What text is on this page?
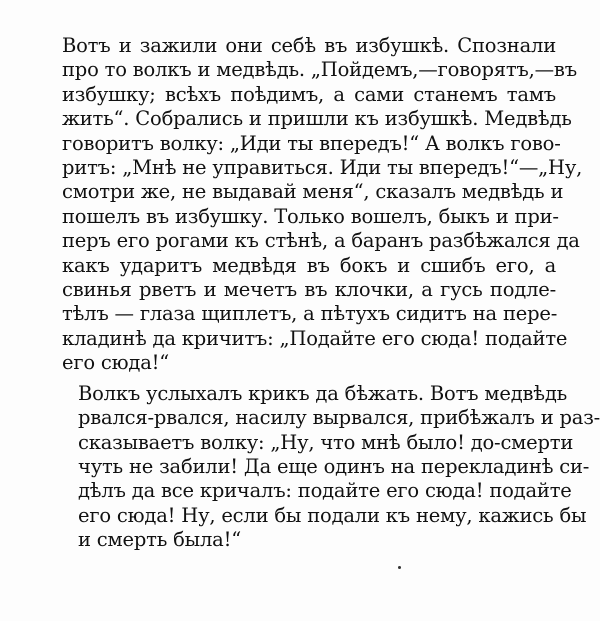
Вотъ и зажили они себѣ въ избушкѣ. Спознали
про то волкъ и медвѣдь. „Пойдемъ,—говорятъ,—въ
избушку; всѣхъ поѣдимъ, а сами станемъ тамъ
жить“. Собрались и пришли къ избушкѣ. Медвѣдь
говоритъ волку: „Иди ты впередъ!“ А волкъ гово-
ритъ: „Мнѣ не управиться. Иди ты впередъ!“—„Ну,
смотри же, не выдавай меня“, сказалъ медвѣдь и
пошелъ въ избушку. Только вошелъ, быкъ и при-
перъ его рогами къ стѣнѣ, а баранъ разбѣжался да
какъ ударитъ медвѣдя въ бокъ и сшибъ его, а
свинья рветъ и мечетъ въ клочки, а гусь подле-
тѣлъ — глаза щиплетъ, а пѣтухъ сидитъ на пере-
кладинѣ да кричитъ: „Подайте его сюда! подайте
его сюда!“

Волкъ услыхалъ крикъ да бѣжать. Вотъ медвѣдь
рвался-рвался, насилу вырвался, прибѣжалъ и раз-
сказываетъ волку: „Ну, что мнѣ было! до-смерти
чуть не забили! Да еще одинъ на перекладинѣ си-
дѣлъ да все кричалъ: подайте его сюда! подайте
его сюда! Ну, если бы подали къ нему, кажись бы
и смерть была!“
